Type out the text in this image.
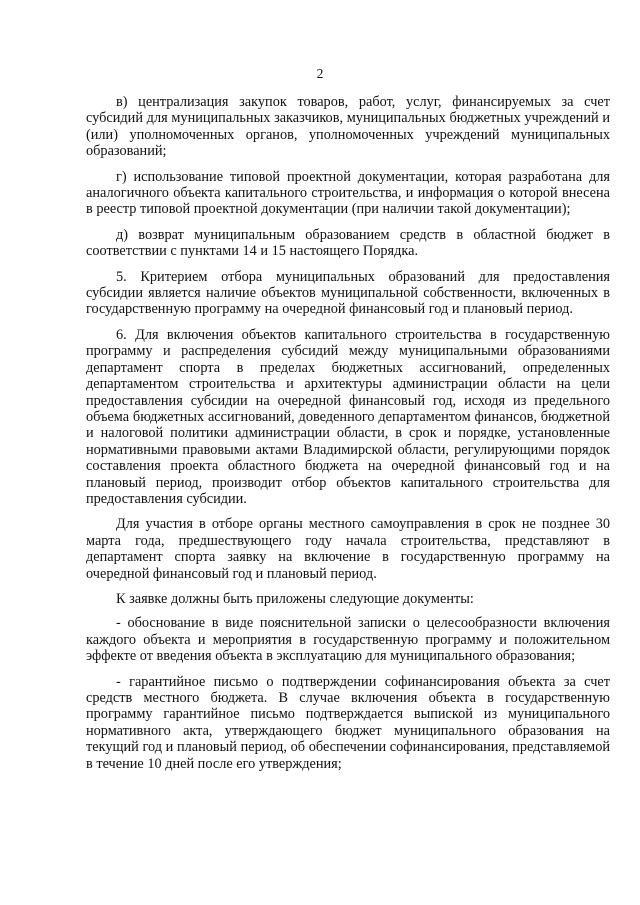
2

в) централизация закупок товаров, работ, услуг, финансируемых за счет субсидий для муниципальных заказчиков, муниципальных бюджетных учреждений и (или) уполномоченных органов, уполномоченных учреждений муниципальных образований;

г) использование типовой проектной документации, которая разработана для аналогичного объекта капитального строительства, и информация о которой внесена в реестр типовой проектной документации (при наличии такой документации);

д) возврат муниципальным образованием средств в областной бюджет в соответствии с пунктами 14 и 15 настоящего Порядка.

5. Критерием отбора муниципальных образований для предоставления субсидии является наличие объектов муниципальной собственности, включенных в государственную программу на очередной финансовый год и плановый период.

6. Для включения объектов капитального строительства в государственную программу и распределения субсидий между муниципальными образованиями департамент спорта в пределах бюджетных ассигнований, определенных департаментом строительства и архитектуры администрации области на цели предоставления субсидии на очередной финансовый год, исходя из предельного объема бюджетных ассигнований, доведенного департаментом финансов, бюджетной и налоговой политики администрации области, в срок и порядке, установленные нормативными правовыми актами Владимирской области, регулирующими порядок составления проекта областного бюджета на очередной финансовый год и на плановый период, производит отбор объектов капитального строительства для предоставления субсидии.

Для участия в отборе органы местного самоуправления в срок не позднее 30 марта года, предшествующего году начала строительства, представляют в департамент спорта заявку на включение в государственную программу на очередной финансовый год и плановый период.

К заявке должны быть приложены следующие документы:

- обоснование в виде пояснительной записки о целесообразности включения каждого объекта и мероприятия в государственную программу и положительном эффекте от введения объекта в эксплуатацию для муниципального образования;

- гарантийное письмо о подтверждении софинансирования объекта за счет средств местного бюджета. В случае включения объекта в государственную программу гарантийное письмо подтверждается выпиской из муниципального нормативного акта, утверждающего бюджет муниципального образования на текущий год и плановый период, об обеспечении софинансирования, представляемой в течение 10 дней после его утверждения;
